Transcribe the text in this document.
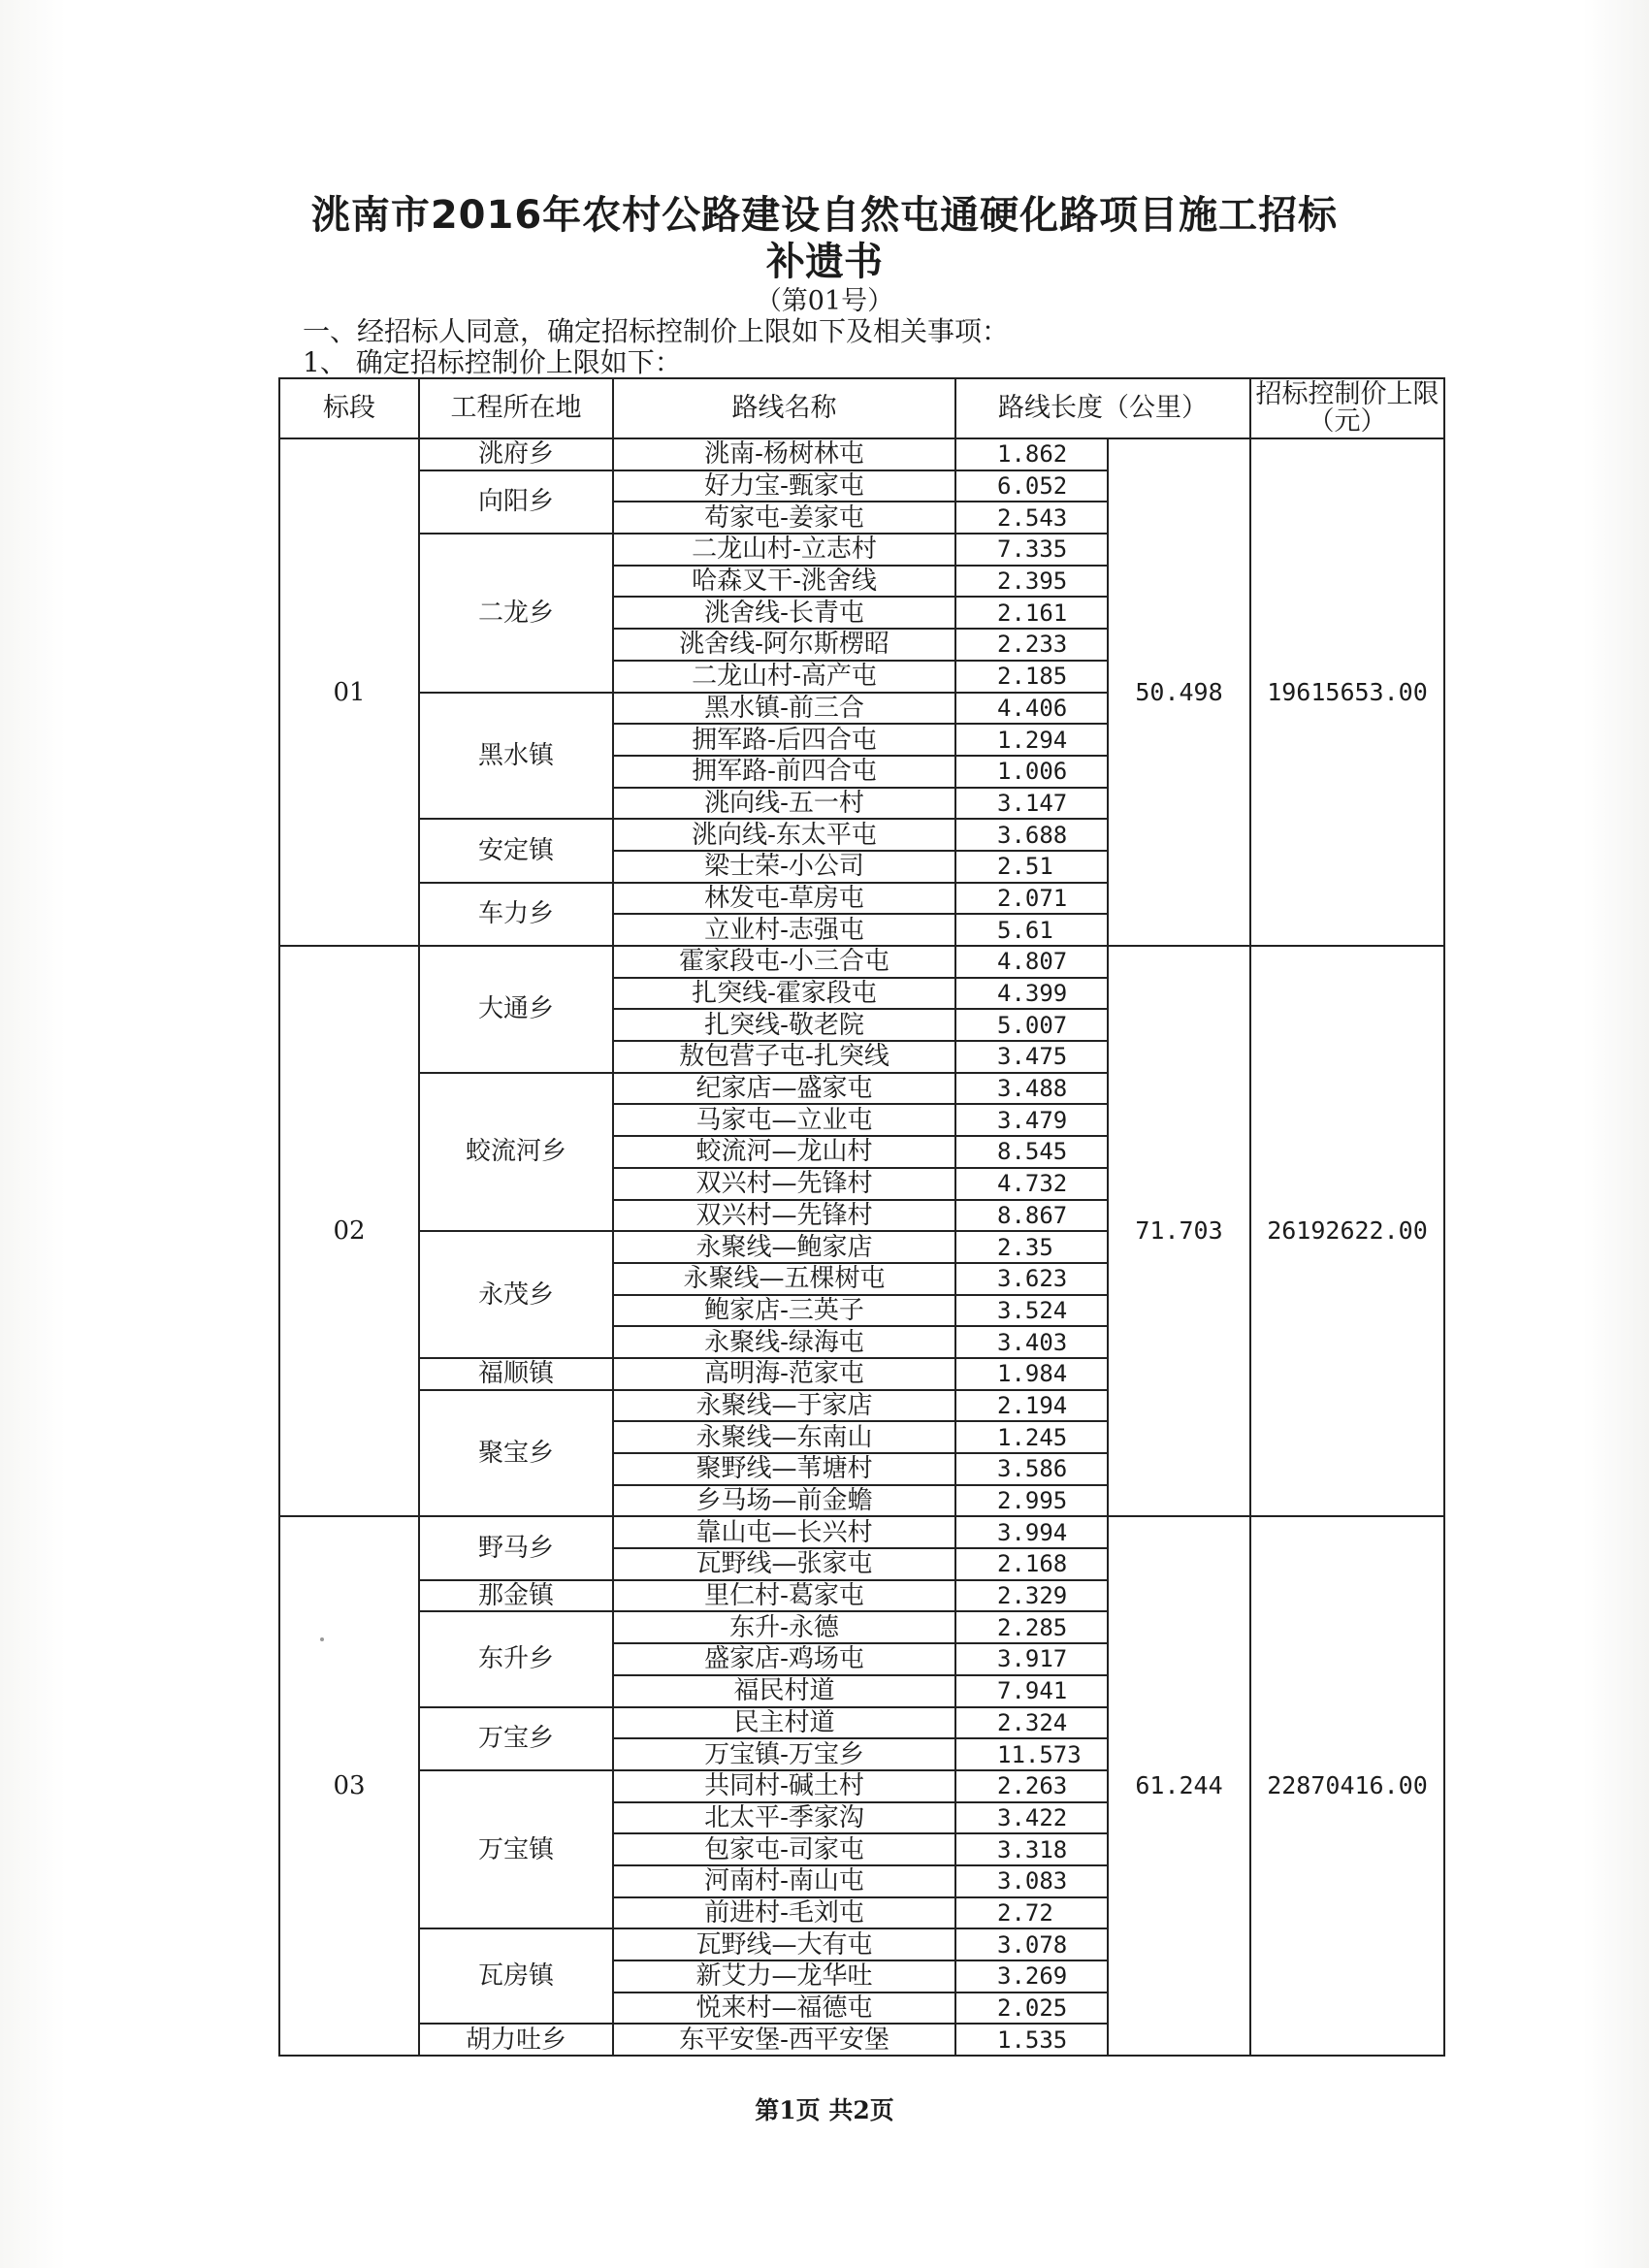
洮南市2016年农村公路建设自然屯通硬化路项目施工招标
补遗书
（第01号）
一、经招标人同意，确定招标控制价上限如下及相关事项：
1、 确定招标控制价上限如下：
标段	工程所在地	路线名称	路线长度（公里）		招标控制价上限（元）
01	洮府乡	洮南-杨树林屯	1.862	50.498	19615653.00
	向阳乡	好力宝-甄家屯	6.052		
		苟家屯-姜家屯	2.543		
	二龙乡	二龙山村-立志村	7.335		
		哈森叉干-洮舍线	2.395		
		洮舍线-长青屯	2.161		
		洮舍线-阿尔斯楞昭	2.233		
		二龙山村-高产屯	2.185		
	黑水镇	黑水镇-前三合	4.406		
		拥军路-后四合屯	1.294		
		拥军路-前四合屯	1.006		
		洮向线-五一村	3.147		
	安定镇	洮向线-东太平屯	3.688		
		梁士荣-小公司	2.51		
	车力乡	林发屯-草房屯	2.071		
		立业村-志强屯	5.61		
02	大通乡	霍家段屯-小三合屯	4.807	71.703	26192622.00
		扎突线-霍家段屯	4.399		
		扎突线-敬老院	5.007		
		敖包营子屯-扎突线	3.475		
	蛟流河乡	纪家店—盛家屯	3.488		
		马家屯—立业屯	3.479		
		蛟流河—龙山村	8.545		
		双兴村—先锋村	4.732		
		双兴村—先锋村	8.867		
	永茂乡	永聚线—鲍家店	2.35		
		永聚线—五棵树屯	3.623		
		鲍家店-三英子	3.524		
		永聚线-绿海屯	3.403		
	福顺镇	高明海-范家屯	1.984		
	聚宝乡	永聚线—于家店	2.194		
		永聚线—东南山	1.245		
		聚野线—苇塘村	3.586		
		乡马场—前金蟾	2.995		
03	野马乡	靠山屯—长兴村	3.994	61.244	22870416.00
		瓦野线—张家屯	2.168		
	那金镇	里仁村-葛家屯	2.329		
	东升乡	东升-永德	2.285		
		盛家店-鸡场屯	3.917		
		福民村道	7.941		
	万宝乡	民主村道	2.324		
		万宝镇-万宝乡	11.573		
	万宝镇	共同村-碱土村	2.263		
		北太平-季家沟	3.422		
		包家屯-司家屯	3.318		
		河南村-南山屯	3.083		
		前进村-毛刘屯	2.72		
	瓦房镇	瓦野线—大有屯	3.078		
		新艾力—龙华吐	3.269		
		悦来村—福德屯	2.025		
	胡力吐乡	东平安堡-西平安堡	1.535		
第1页 共2页
